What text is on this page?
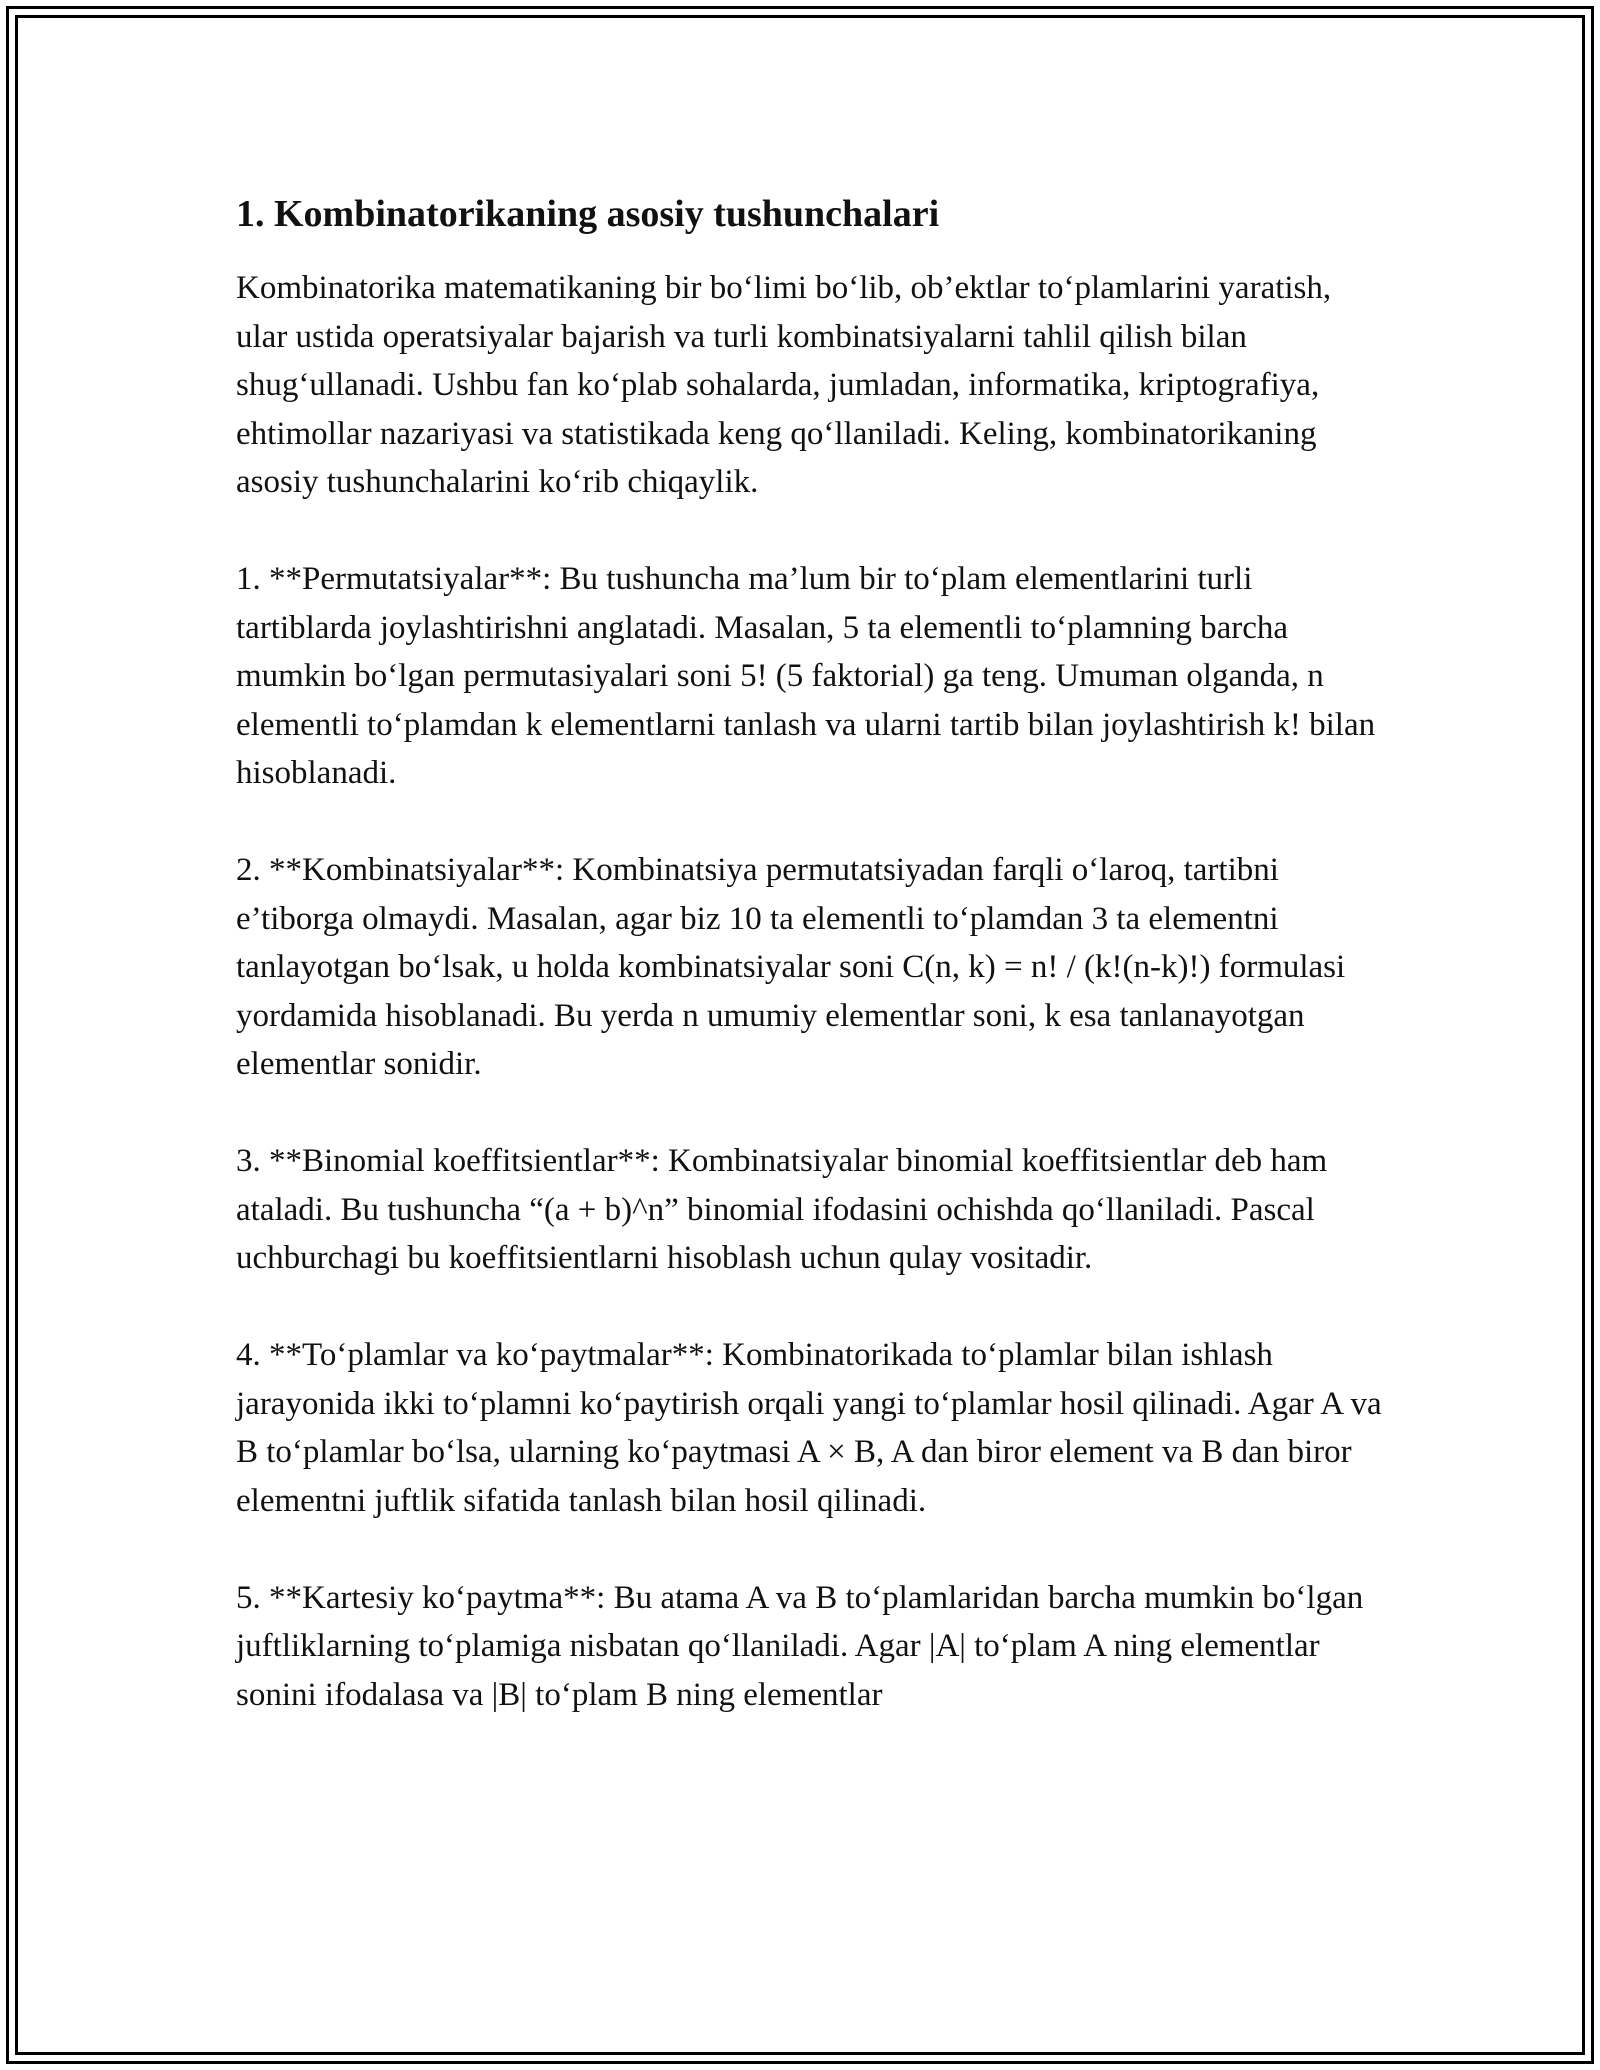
1. Kombinatorikaning asosiy tushunchalari

Kombinatorika matematikaning bir bo‘limi bo‘lib, ob’ektlar to‘plamlarini yaratish, ular ustida operatsiyalar bajarish va turli kombinatsiyalarni tahlil qilish bilan shug‘ullanadi. Ushbu fan ko‘plab sohalarda, jumladan, informatika, kriptografiya, ehtimollar nazariyasi va statistikada keng qo‘llaniladi. Keling, kombinatorikaning asosiy tushunchalarini ko‘rib chiqaylik.

1. **Permutatsiyalar**: Bu tushuncha ma’lum bir to‘plam elementlarini turli tartiblarda joylashtirishni anglatadi. Masalan, 5 ta elementli to‘plamning barcha mumkin bo‘lgan permutasiyalari soni 5! (5 faktorial) ga teng. Umuman olganda, n elementli to‘plamdan k elementlarni tanlash va ularni tartib bilan joylashtirish k! bilan hisoblanadi.

2. **Kombinatsiyalar**: Kombinatsiya permutatsiyadan farqli o‘laroq, tartibni e’tiborga olmaydi. Masalan, agar biz 10 ta elementli to‘plamdan 3 ta elementni tanlayotgan bo‘lsak, u holda kombinatsiyalar soni C(n, k) = n! / (k!(n-k)!) formulasi yordamida hisoblanadi. Bu yerda n umumiy elementlar soni, k esa tanlanayotgan elementlar sonidir.

3. **Binomial koeffitsientlar**: Kombinatsiyalar binomial koeffitsientlar deb ham ataladi. Bu tushuncha “(a + b)^n” binomial ifodasini ochishda qo‘llaniladi. Pascal uchburchagi bu koeffitsientlarni hisoblash uchun qulay vositadir.

4. **To‘plamlar va ko‘paytmalar**: Kombinatorikada to‘plamlar bilan ishlash jarayonida ikki to‘plamni ko‘paytirish orqali yangi to‘plamlar hosil qilinadi. Agar A va B to‘plamlar bo‘lsa, ularning ko‘paytmasi A × B, A dan biror element va B dan biror elementni juftlik sifatida tanlash bilan hosil qilinadi.

5. **Kartesiy ko‘paytma**: Bu atama A va B to‘plamlaridan barcha mumkin bo‘lgan juftliklarning to‘plamiga nisbatan qo‘llaniladi. Agar |A| to‘plam A ning elementlar sonini ifodalasa va |B| to‘plam B ning elementlar
